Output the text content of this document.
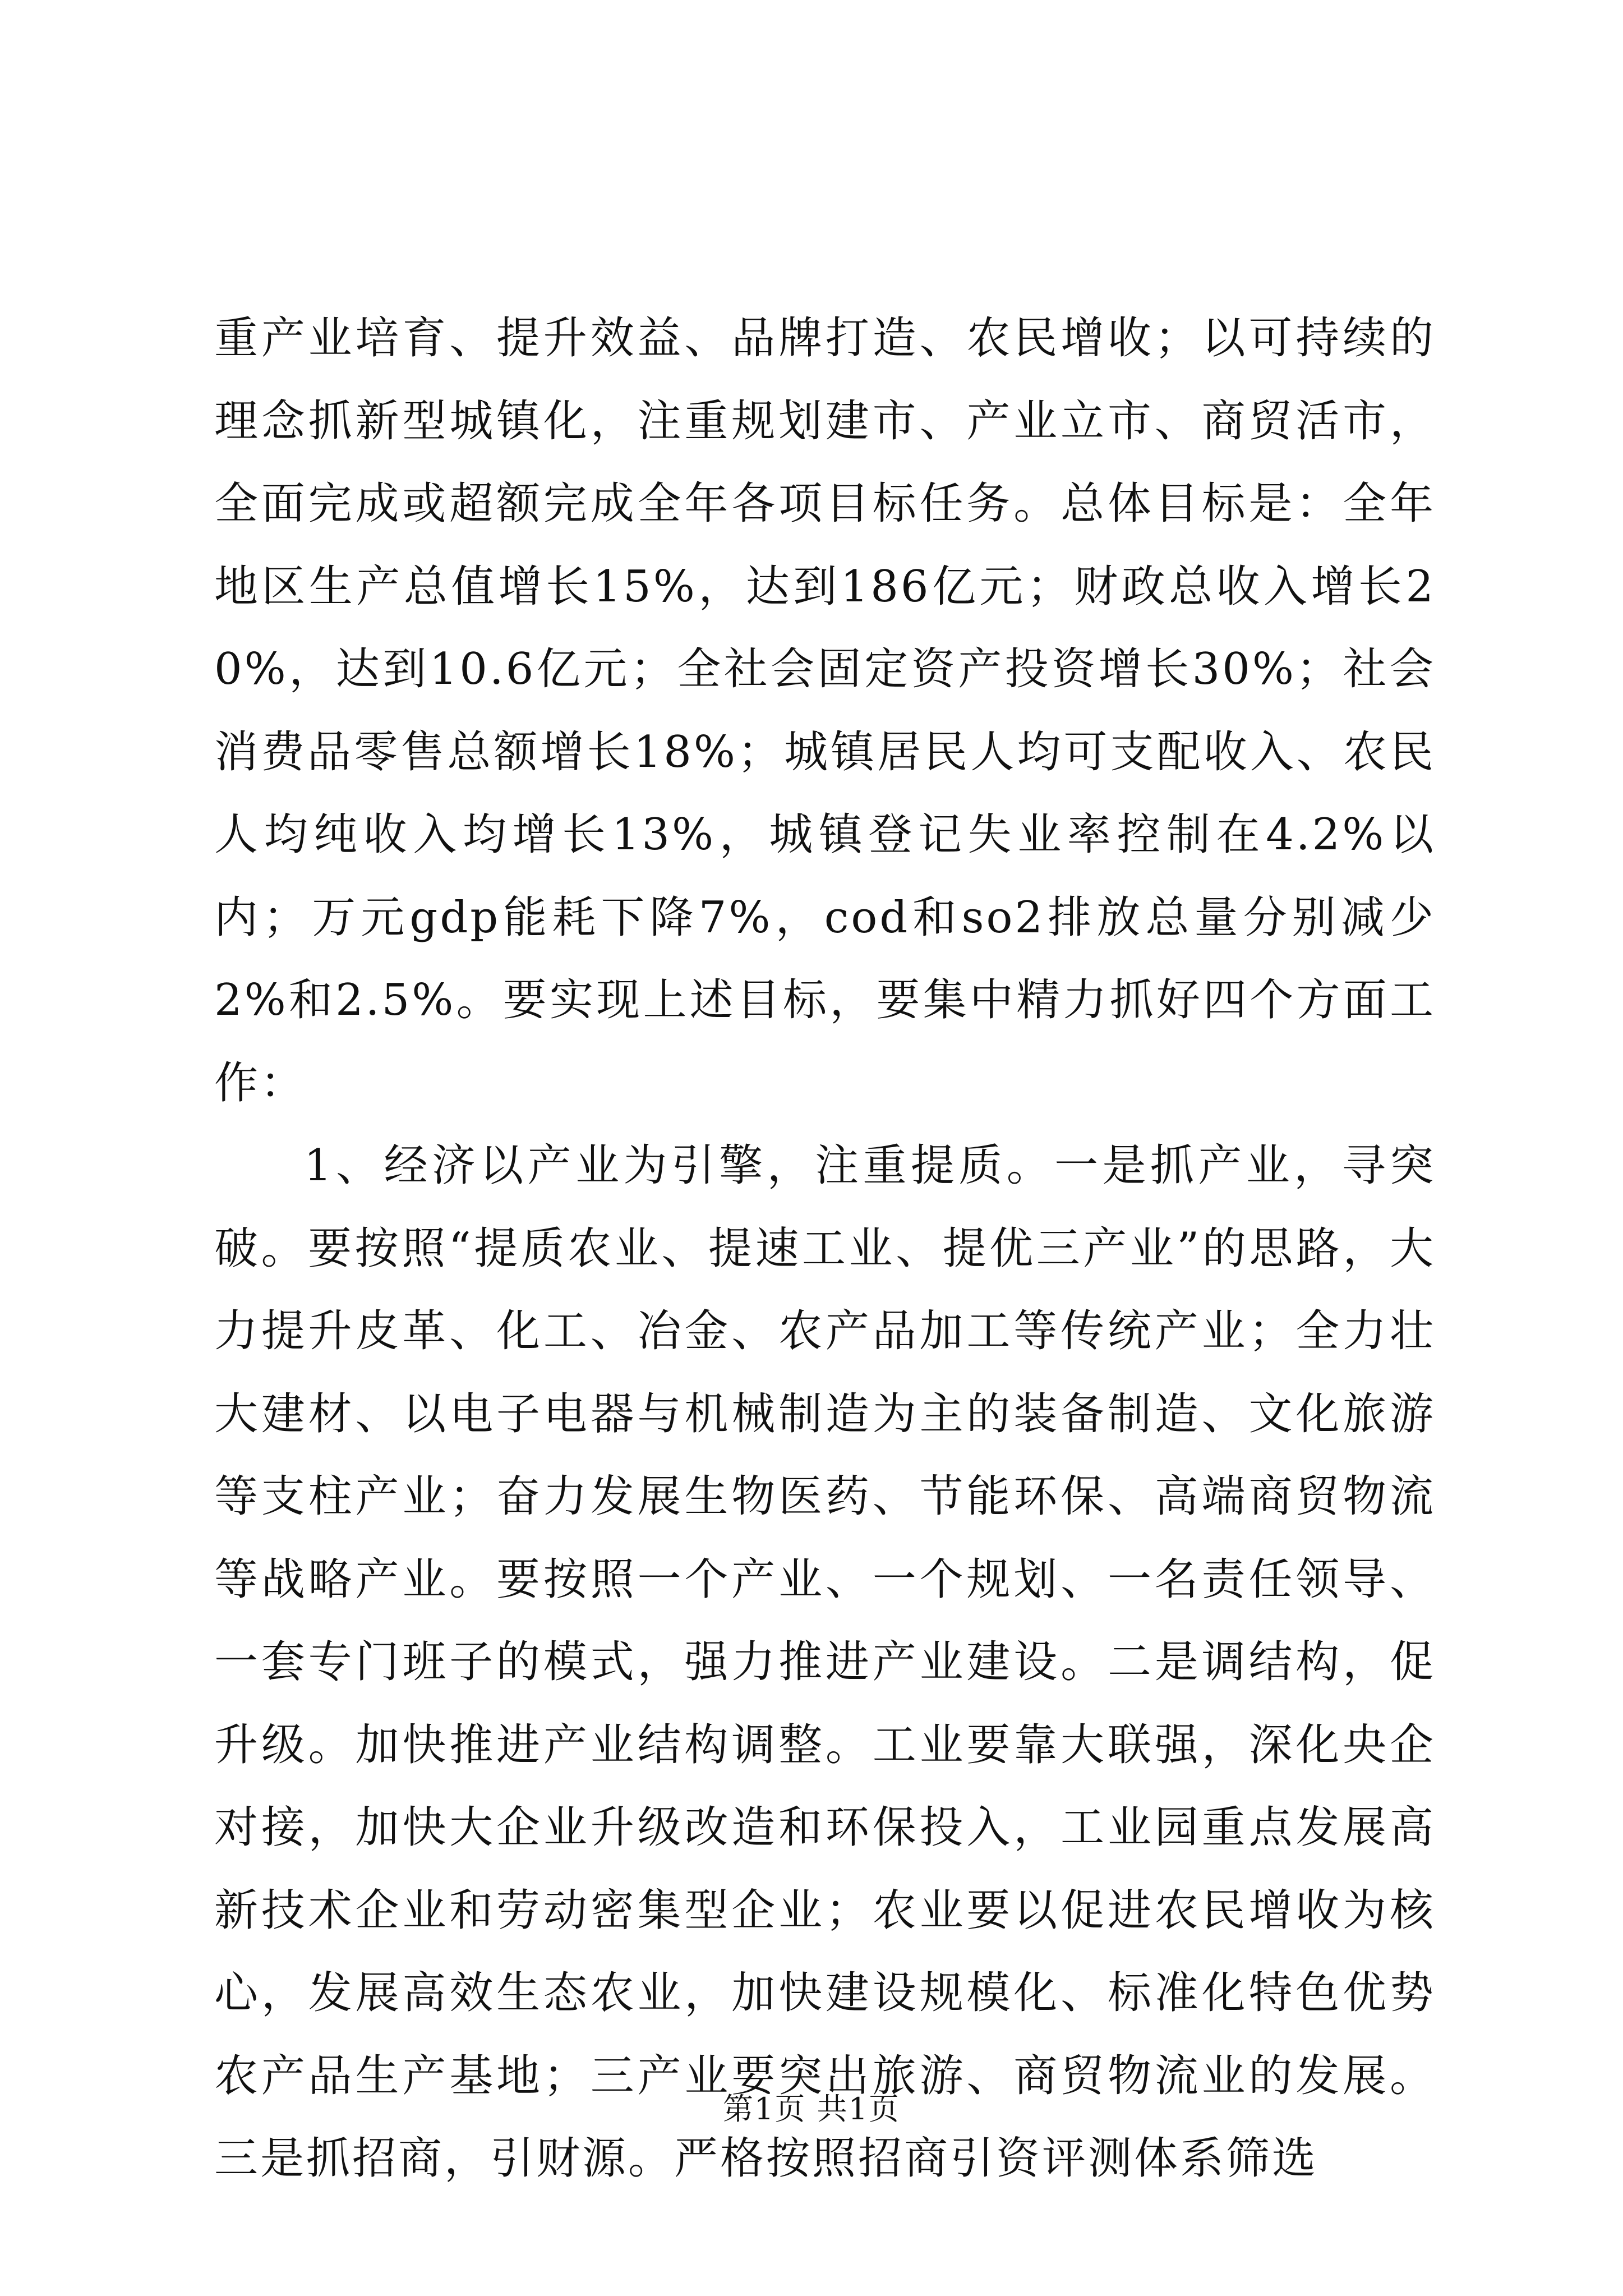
重产业培育、提升效益、品牌打造、农民增收；以可持续的理念抓新型城镇化，注重规划建市、产业立市、商贸活市，全面完成或超额完成全年各项目标任务。总体目标是：全年地区生产总值增长15%，达到186亿元；财政总收入增长20%，达到10.6亿元；全社会固定资产投资增长30%；社会消费品零售总额增长18%；城镇居民人均可支配收入、农民人均纯收入均增长13%，城镇登记失业率控制在4.2%以内；万元gdp能耗下降7%，cod和so2排放总量分别减少2%和2.5%。要实现上述目标，要集中精力抓好四个方面工作：

1、经济以产业为引擎，注重提质。一是抓产业，寻突破。要按照“提质农业、提速工业、提优三产业”的思路，大力提升皮革、化工、冶金、农产品加工等传统产业；全力壮大建材、以电子电器与机械制造为主的装备制造、文化旅游等支柱产业；奋力发展生物医药、节能环保、高端商贸物流等战略产业。要按照一个产业、一个规划、一名责任领导、一套专门班子的模式，强力推进产业建设。二是调结构，促升级。加快推进产业结构调整。工业要靠大联强，深化央企对接，加快大企业升级改造和环保投入，工业园重点发展高新技术企业和劳动密集型企业；农业要以促进农民增收为核心，发展高效生态农业，加快建设规模化、标准化特色优势农产品生产基地；三产业要突出旅游、商贸物流业的发展。三是抓招商，引财源。严格按照招商引资评测体系筛选

第1页 共1页
